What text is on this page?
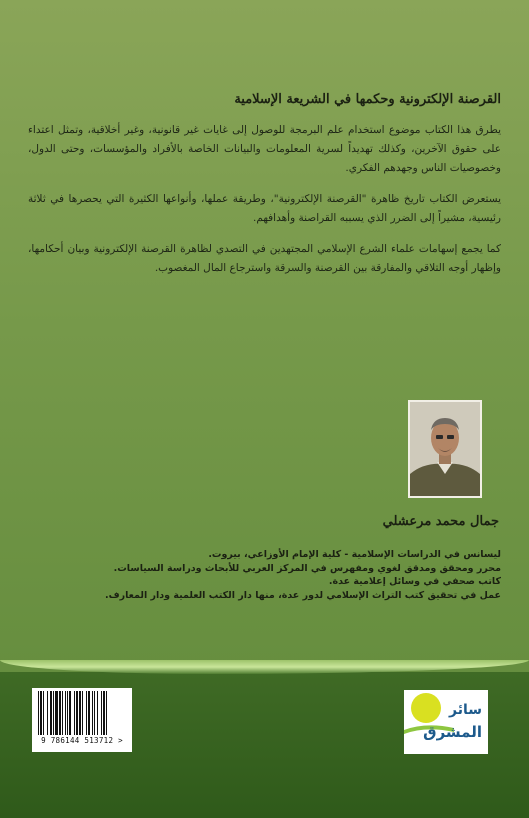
القرصنة الإلكترونية وحكمها في الشريعة الإسلامية

يطرق هذا الكتاب موضوع استخدام علم البرمجة للوصول إلى غايات غير قانونية، وغير أخلاقية، وتمثل اعتداء على حقوق الآخرين، وكذلك تهديداً لسرية المعلومات والبيانات الخاصة بالأفراد والمؤسسات، وحتى الدول، وخصوصيات الناس وجهدهم الفكري.

يستعرض الكتاب تاريخ ظاهرة "القرصنة الإلكترونية"، وطريقة عملها، وأنواعها الكثيرة التي يحصرها في ثلاثة رئيسية، مشيراً إلى الضرر الذي يسببه القراصنة وأهدافهم.

كما يجمع إسهامات علماء الشرع الإسلامي المجتهدين في التصدي لظاهرة القرصنة الإلكترونية وبيان أحكامها، وإظهار أوجه التلاقي والمفارقة بين القرصنة والسرقة واسترجاع المال المغصوب.

جمال محمد مرعشلي
ليسانس في الدراسات الإسلامية - كلية الإمام الأوزاعي، بيروت.
محرر ومحقق ومدقق لغوي ومفهرس في المركز العربي للأبحاث ودراسة السياسات.
كاتب صحفي في وسائل إعلامية عدة.
عمل في تحقيق كتب التراث الإسلامي لدور عدة، منها دار الكتب العلمية ودار المعارف.
9 786144 513712 >
سائر
المشرق
